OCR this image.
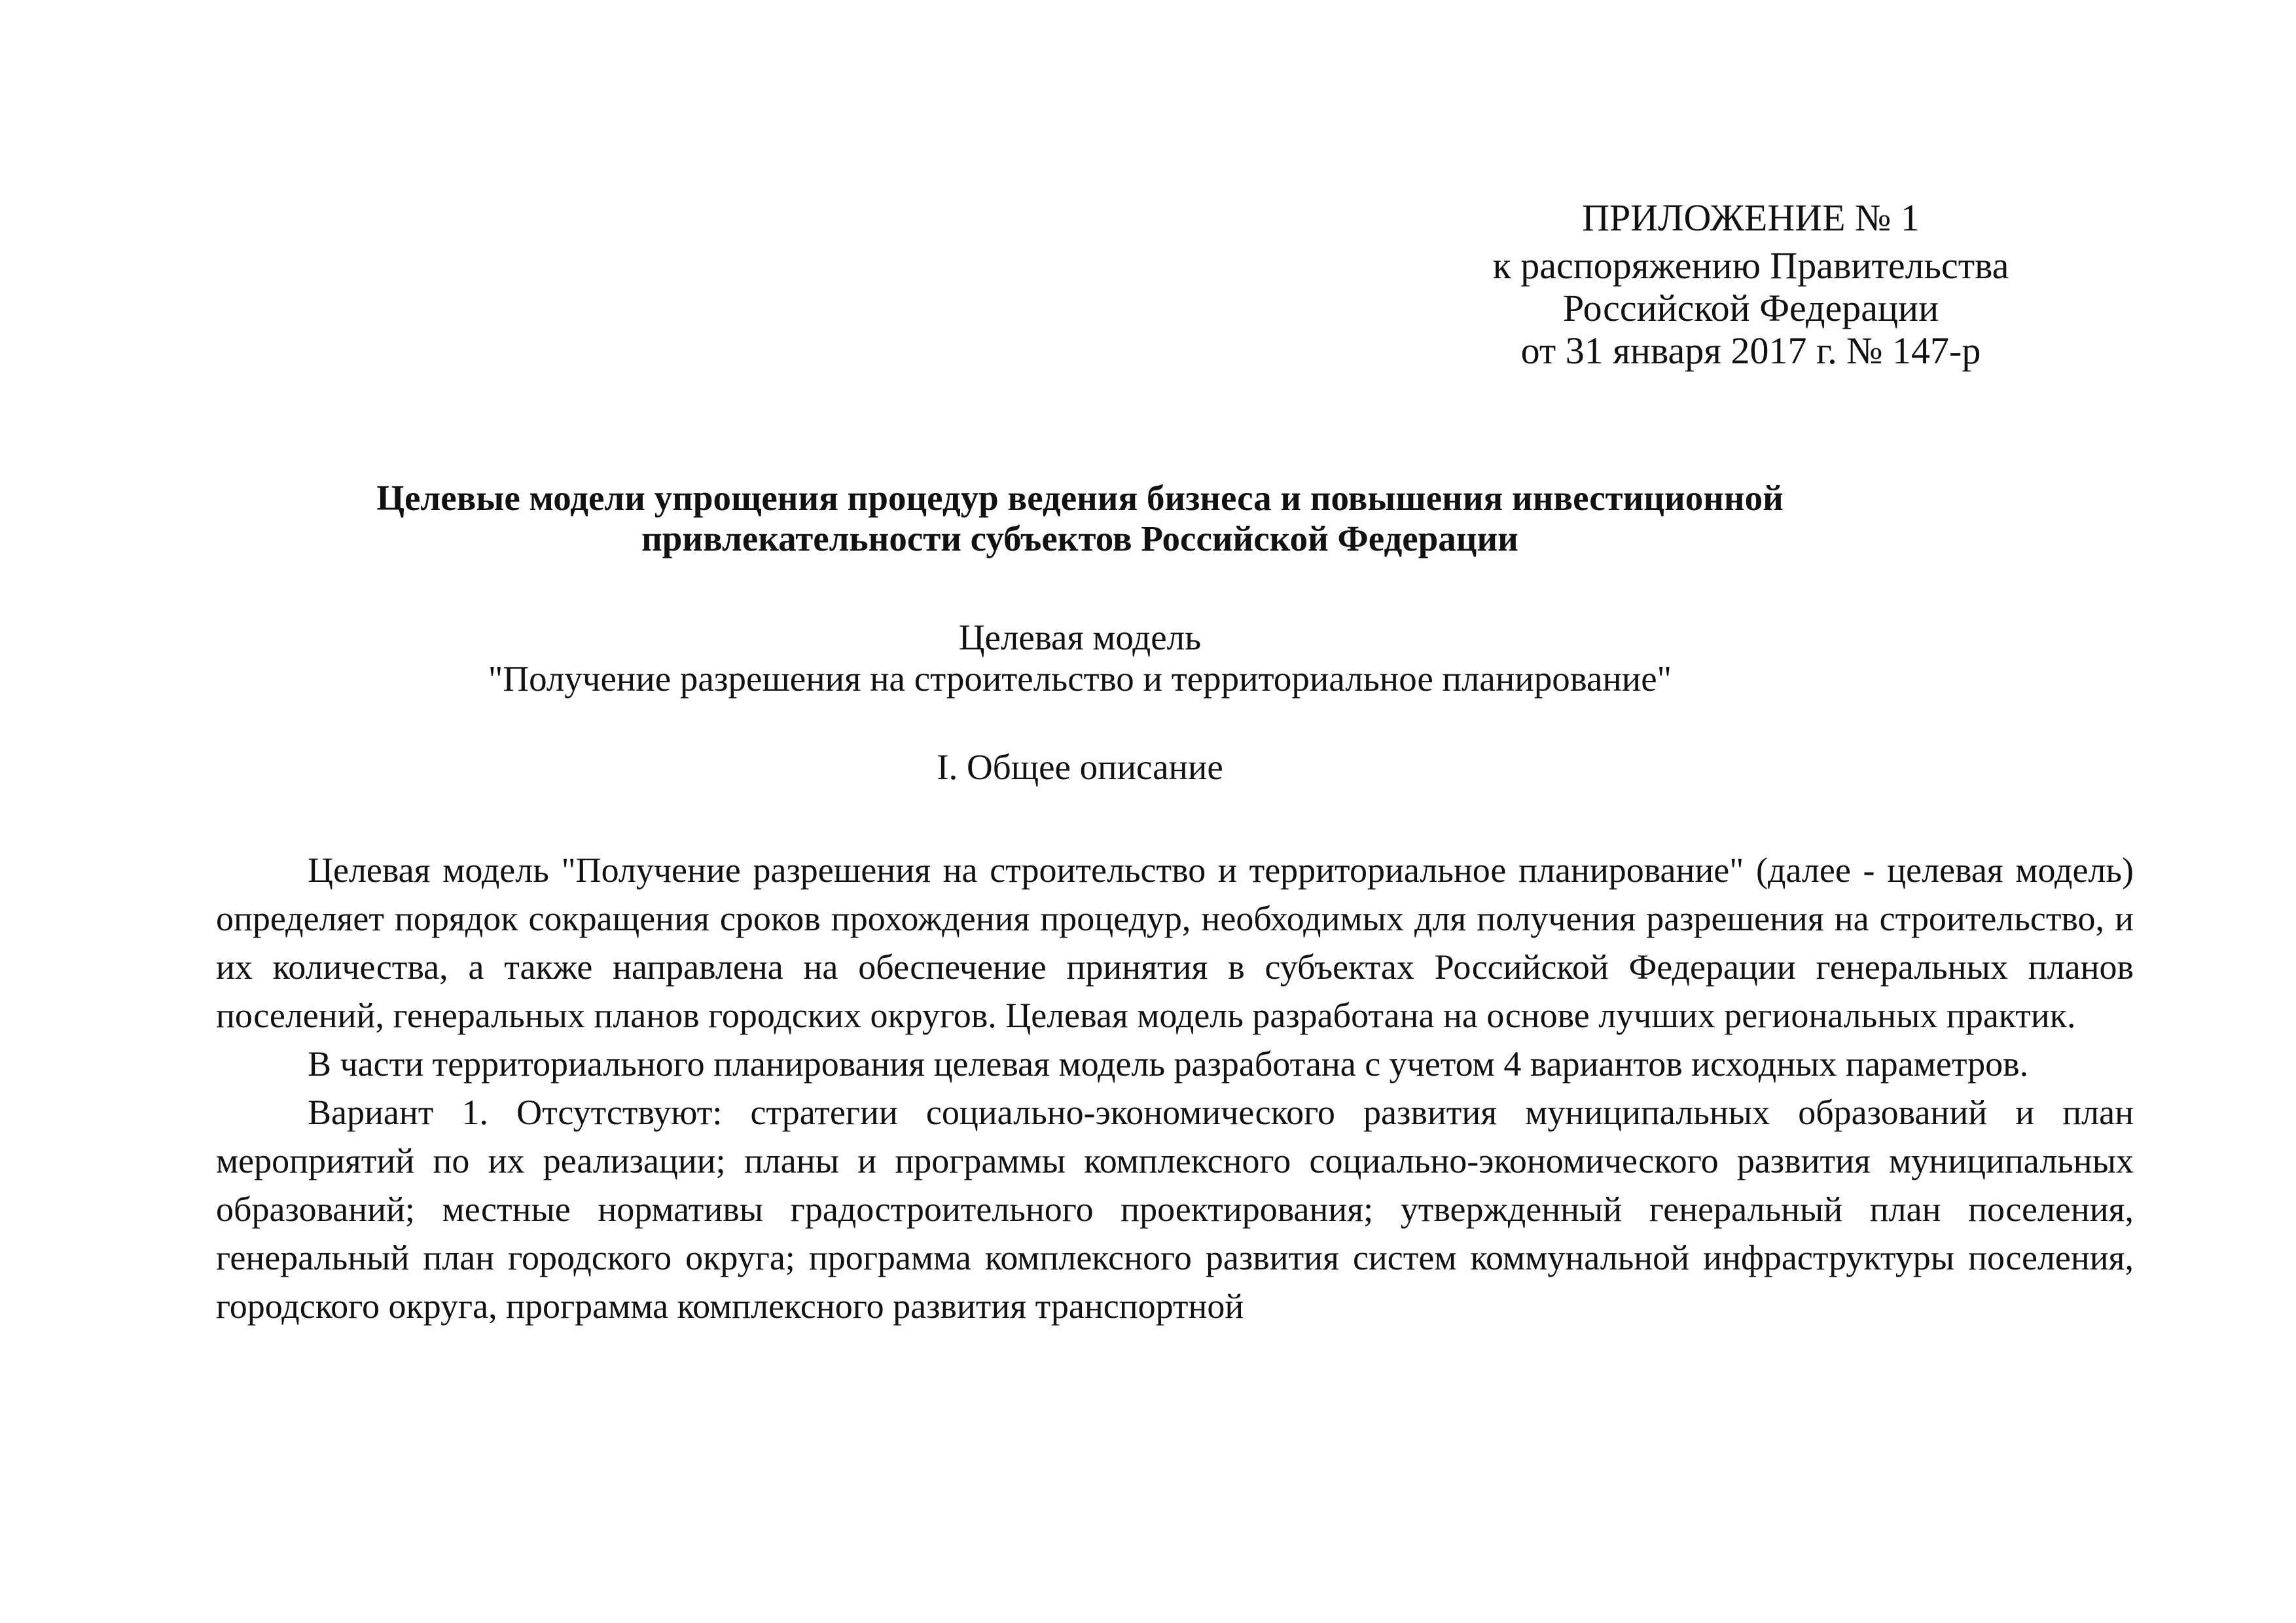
ПРИЛОЖЕНИЕ № 1
к распоряжению Правительства
Российской Федерации
от 31 января 2017 г. № 147-р
Целевые модели упрощения процедур ведения бизнеса и повышения инвестиционной
привлекательности субъектов Российской Федерации
Целевая модель
"Получение разрешения на строительство и территориальное планирование"
I. Общее описание

Целевая модель "Получение разрешения на строительство и территориальное планирование" (далее - целевая модель) определяет порядок сокращения сроков прохождения процедур, необходимых для получения разрешения на строительство, и их количества, а также направлена на обеспечение принятия в субъектах Российской Федерации генеральных планов поселений, генеральных планов городских округов. Целевая модель разработана на основе лучших региональных практик.

В части территориального планирования целевая модель разработана с учетом 4 вариантов исходных параметров.

Вариант 1. Отсутствуют: стратегии социально-экономического развития муниципальных образований и план мероприятий по их реализации; планы и программы комплексного социально-экономического развития муниципальных образований; местные нормативы градостроительного проектирования; утвержденный генеральный план поселения, генеральный план городского округа; программа комплексного развития систем коммунальной инфраструктуры поселения, городского округа, программа комплексного развития транспортной
